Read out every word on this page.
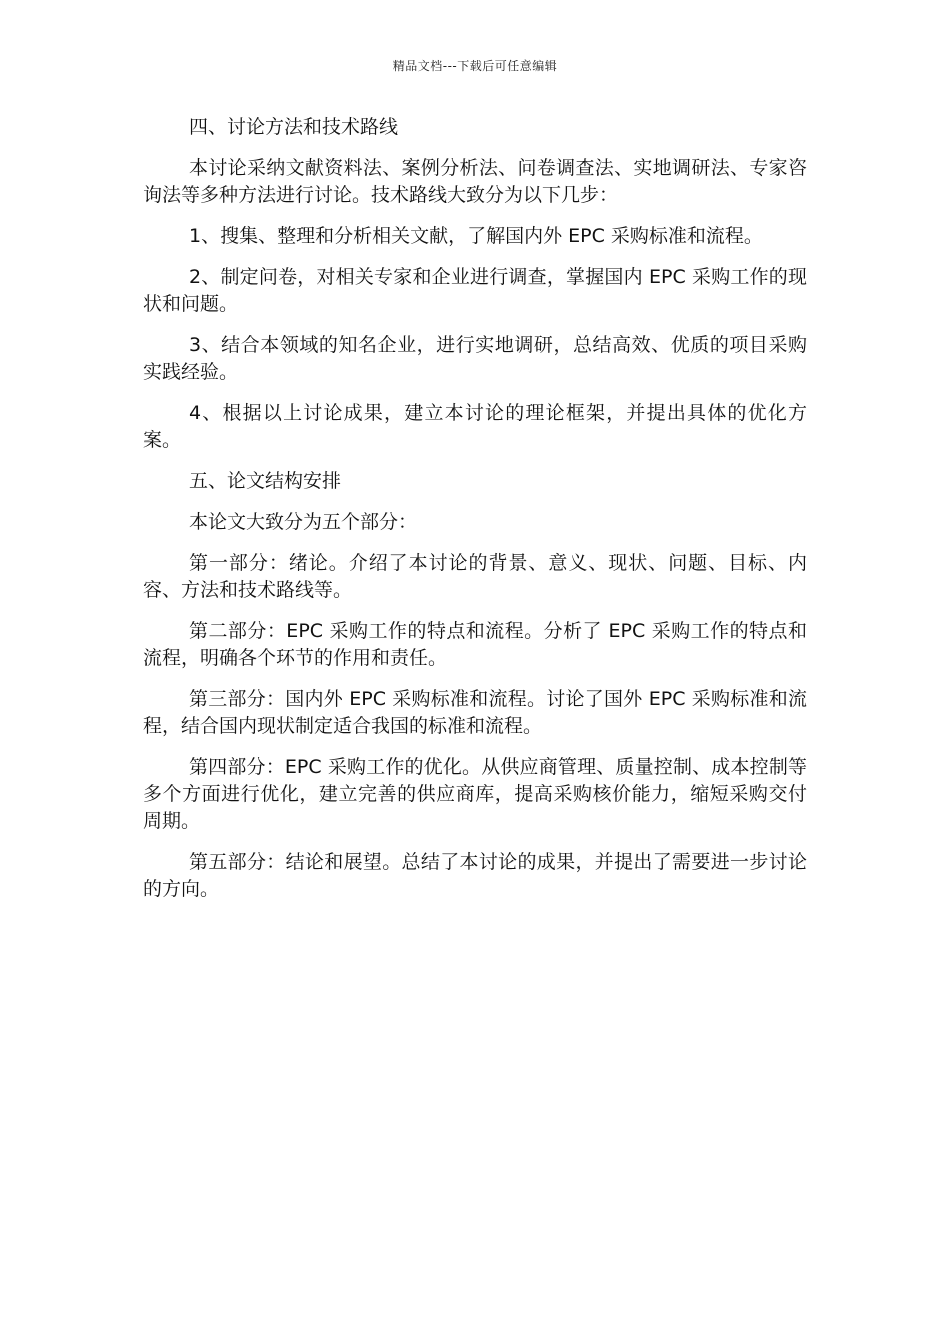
精品文档---下载后可任意编辑

四、讨论方法和技术路线

本讨论采纳文献资料法、案例分析法、问卷调查法、实地调研法、专家咨询法等多种方法进行讨论。技术路线大致分为以下几步：

1、搜集、整理和分析相关文献，了解国内外 EPC 采购标准和流程。

2、制定问卷，对相关专家和企业进行调查，掌握国内 EPC 采购工作的现状和问题。

3、结合本领域的知名企业，进行实地调研，总结高效、优质的项目采购实践经验。

4、根据以上讨论成果，建立本讨论的理论框架，并提出具体的优化方案。

五、论文结构安排

本论文大致分为五个部分：

第一部分：绪论。介绍了本讨论的背景、意义、现状、问题、目标、内容、方法和技术路线等。

第二部分：EPC 采购工作的特点和流程。分析了 EPC 采购工作的特点和流程，明确各个环节的作用和责任。

第三部分：国内外 EPC 采购标准和流程。讨论了国外 EPC 采购标准和流程，结合国内现状制定适合我国的标准和流程。

第四部分：EPC 采购工作的优化。从供应商管理、质量控制、成本控制等多个方面进行优化，建立完善的供应商库，提高采购核价能力，缩短采购交付周期。

第五部分：结论和展望。总结了本讨论的成果，并提出了需要进一步讨论的方向。
